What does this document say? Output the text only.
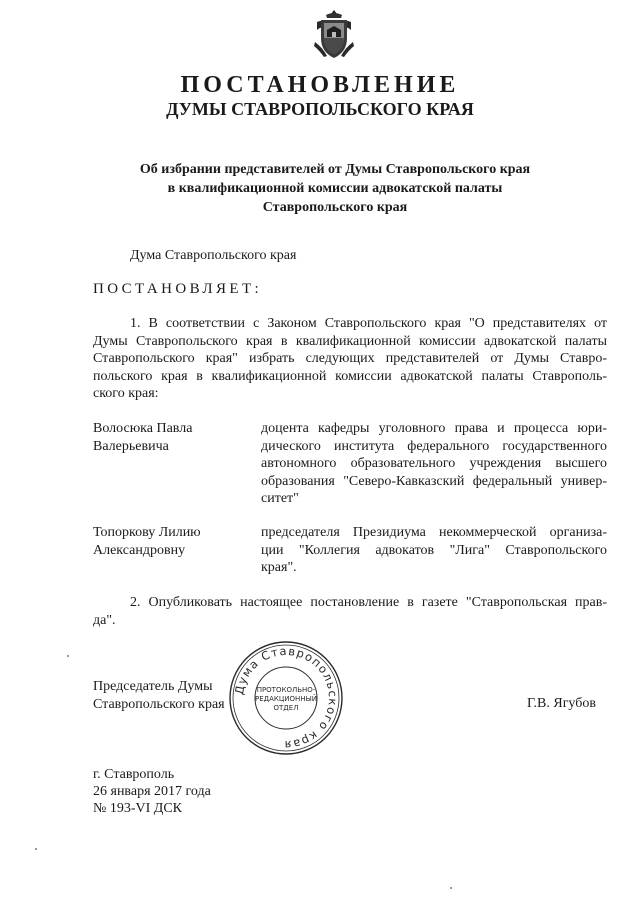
ПОСТАНОВЛЕНИЕ
ДУМЫ СТАВРОПОЛЬСКОГО КРАЯ
Об избрании представителей от Думы Ставропольского края
в квалификационной комиссии адвокатской палаты
Ставропольского края
Дума Ставропольского края
ПОСТАНОВЛЯЕТ:
1. В соответствии с Законом Ставропольского края "О представителях от
Думы Ставропольского края в квалификационной комиссии адвокатской палаты
Ставропольского края" избрать следующих представителей от Думы Ставро-
польского края в квалификационной комиссии адвокатской палаты Ставрополь-
ского края:
Волосюка Павла
Валерьевича
доцента кафедры уголовного права и процесса юри-
дического института федерального государственного
автономного образовательного учреждения высшего
образования "Северо-Кавказский федеральный универ-
ситет"
Топоркову Лилию
Александровну
председателя Президиума некоммерческой организа-
ции "Коллегия адвокатов "Лига" Ставропольского
края".
2. Опубликовать настоящее постановление в газете "Ставропольская прав-
да".
Дума Ставропольского края
ПРОТОКОЛЬНО-
РЕДАКЦИОННЫЙ
ОТДЕЛ
Председатель Думы
Ставропольского края	Г.В. Ягубов
г. Ставрополь
26 января 2017 года
№ 193-VI ДСК
